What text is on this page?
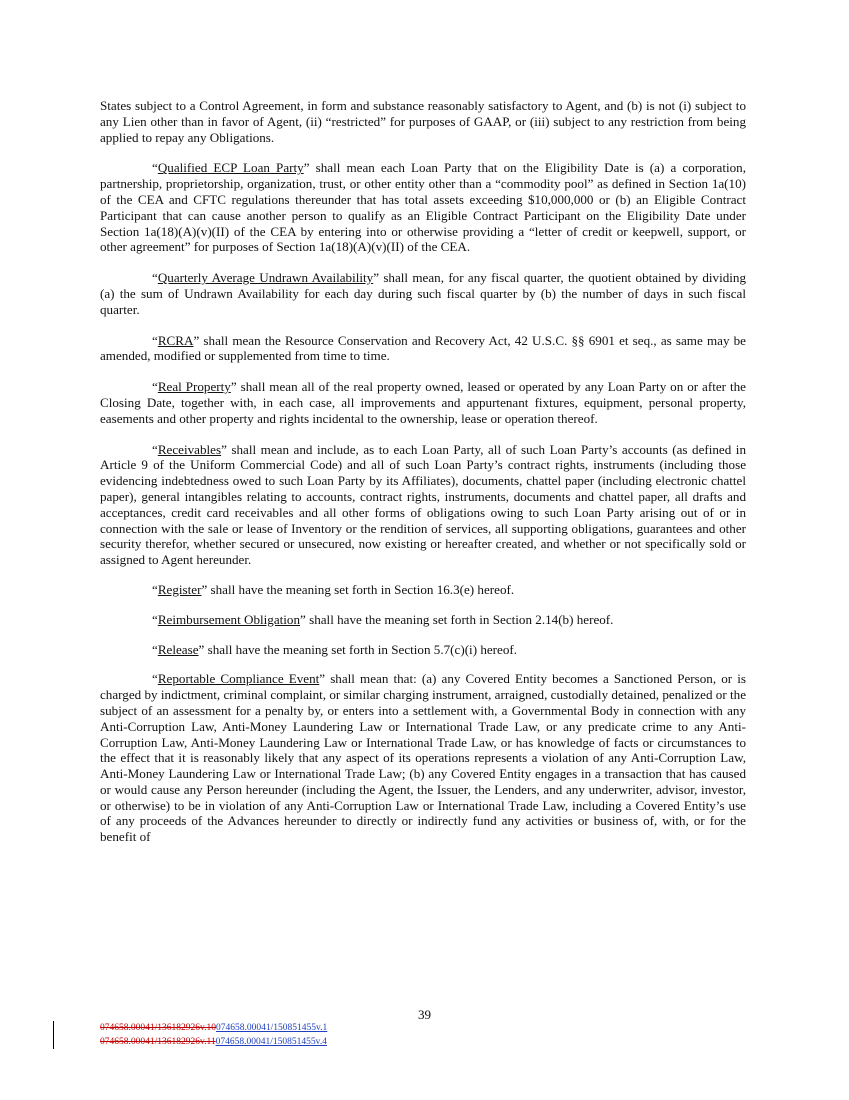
States subject to a Control Agreement, in form and substance reasonably satisfactory to Agent, and (b) is not (i) subject to any Lien other than in favor of Agent, (ii) “restricted” for purposes of GAAP, or (iii) subject to any restriction from being applied to repay any Obligations.

“Qualified ECP Loan Party” shall mean each Loan Party that on the Eligibility Date is (a) a corporation, partnership, proprietorship, organization, trust, or other entity other than a “commodity pool” as defined in Section 1a(10) of the CEA and CFTC regulations thereunder that has total assets exceeding $10,000,000 or (b) an Eligible Contract Participant that can cause another person to qualify as an Eligible Contract Participant on the Eligibility Date under Section 1a(18)(A)(v)(II) of the CEA by entering into or otherwise providing a “letter of credit or keepwell, support, or other agreement” for purposes of Section 1a(18)(A)(v)(II) of the CEA.

“Quarterly Average Undrawn Availability” shall mean, for any fiscal quarter, the quotient obtained by dividing (a) the sum of Undrawn Availability for each day during such fiscal quarter by (b) the number of days in such fiscal quarter.

“RCRA” shall mean the Resource Conservation and Recovery Act, 42 U.S.C. §§ 6901 et seq., as same may be amended, modified or supplemented from time to time.

“Real Property” shall mean all of the real property owned, leased or operated by any Loan Party on or after the Closing Date, together with, in each case, all improvements and appurtenant fixtures, equipment, personal property, easements and other property and rights incidental to the ownership, lease or operation thereof.

“Receivables” shall mean and include, as to each Loan Party, all of such Loan Party’s accounts (as defined in Article 9 of the Uniform Commercial Code) and all of such Loan Party’s contract rights, instruments (including those evidencing indebtedness owed to such Loan Party by its Affiliates), documents, chattel paper (including electronic chattel paper), general intangibles relating to accounts, contract rights, instruments, documents and chattel paper, all drafts and acceptances, credit card receivables and all other forms of obligations owing to such Loan Party arising out of or in connection with the sale or lease of Inventory or the rendition of services, all supporting obligations, guarantees and other security therefor, whether secured or unsecured, now existing or hereafter created, and whether or not specifically sold or assigned to Agent hereunder.

“Register” shall have the meaning set forth in Section 16.3(e) hereof.

“Reimbursement Obligation” shall have the meaning set forth in Section 2.14(b) hereof.

“Release” shall have the meaning set forth in Section 5.7(c)(i) hereof.

“Reportable Compliance Event” shall mean that: (a) any Covered Entity becomes a Sanctioned Person, or is charged by indictment, criminal complaint, or similar charging instrument, arraigned, custodially detained, penalized or the subject of an assessment for a penalty by, or enters into a settlement with, a Governmental Body in connection with any Anti-Corruption Law, Anti-Money Laundering Law or International Trade Law, or any predicate crime to any Anti- Corruption Law, Anti-Money Laundering Law or International Trade Law, or has knowledge of facts or circumstances to the effect that it is reasonably likely that any aspect of its operations represents a violation of any Anti-Corruption Law, Anti-Money Laundering Law or International Trade Law; (b) any Covered Entity engages in a transaction that has caused or would cause any Person hereunder (including the Agent, the Issuer, the Lenders, and any underwriter, advisor, investor, or otherwise) to be in violation of any Anti-Corruption Law or International Trade Law, including a Covered Entity’s use of any proceeds of the Advances hereunder to directly or indirectly fund any activities or business of, with, or for the benefit of

39
074658.00041/136182926v.10074658.00041/150851455v.1
074658.00041/136182926v.11074658.00041/150851455v.4
